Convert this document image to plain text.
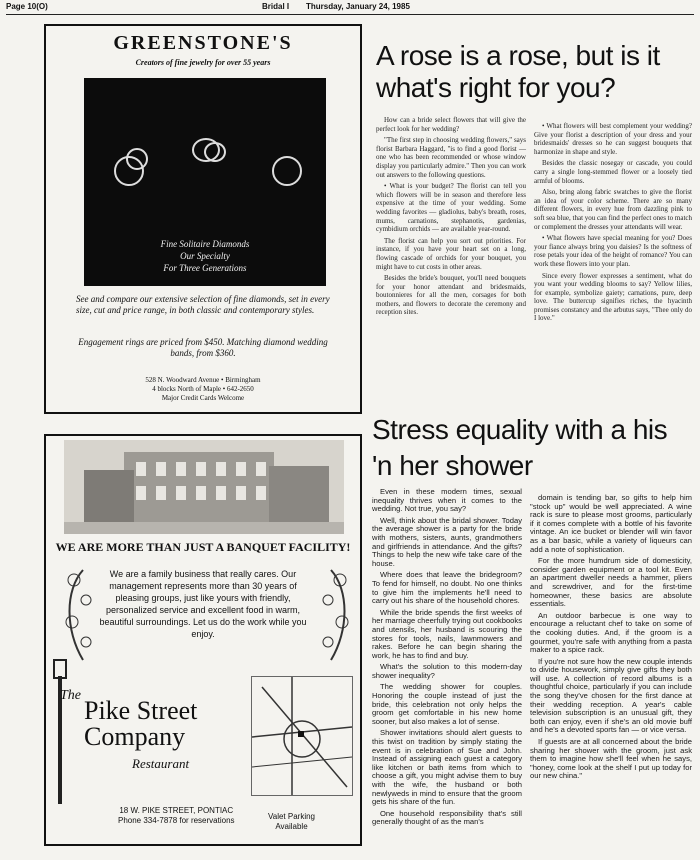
Page 10(O)	Bridal I Thursday, January 24, 1985
GREENSTONE'S
Creators of fine jewelry for over 55 years
Fine Solitaire Diamonds
Our Specialty
For Three Generations
See and compare our extensive selection of fine diamonds, set in every size, cut and price range, in both classic and contemporary styles.
Engagement rings are priced from $450. Matching diamond wedding bands, from $360.
528 N. Woodward Avenue • Birmingham
4 blocks North of Maple • 642-2650
Major Credit Cards Welcome
WE ARE MORE THAN JUST A BANQUET FACILITY!
We are a family business that really cares. Our management represents more than 30 years of pleasing groups, just like yours with friendly, personalized service and excellent food in warm, beautiful surroundings. Let us do the work while you enjoy.
The
Pike Street
Company
Restaurant
18 W. PIKE STREET, PONTIAC
Phone 334-7878 for reservations	Valet Parking
Available
A rose is a rose, but is it what's right for you?

How can a bride select flowers that will give the perfect look for her wedding?

"The first step in choosing wedding flowers," says florist Barbara Haggard, "is to find a good florist — one who has been recommended or whose window display you particularly admire." Then you can work out answers to the following questions.

• What is your budget? The florist can tell you which flowers will be in season and therefore less expensive at the time of your wedding. Some wedding favorites — gladiolus, baby's breath, roses, mums, carnations, stephanotis, gardenias, cymbidium orchids — are available year-round.

The florist can help you sort out priorities. For instance, if you have your heart set on a long, flowing cascade of orchids for your bouquet, you might have to cut costs in other areas.

Besides the bride's bouquet, you'll need bouquets for your honor attendant and bridesmaids, boutonnieres for all the men, corsages for both mothers, and flowers to decorate the ceremony and reception sites.

• What flowers will best complement your wedding? Give your florist a description of your dress and your bridesmaids' dresses so he can suggest bouquets that harmonize in shape and style.

Besides the classic nosegay or cascade, you could carry a single long-stemmed flower or a loosely tied armful of blooms.

Also, bring along fabric swatches to give the florist an idea of your color scheme. There are so many different flowers, in every hue from dazzling pink to soft sea blue, that you can find the perfect ones to match or complement the dresses your attendants will wear.

• What flowers have special meaning for you? Does your fiance always bring you daisies? Is the softness of rose petals your idea of the height of romance? You can work these flowers into your plan.

Since every flower expresses a sentiment, what do you want your wedding blooms to say? Yellow lilies, for example, symbolize gaiety; carnations, pure, deep love. The buttercup signifies riches, the hyacinth promises constancy and the arbutus says, "Thee only do I love."

Stress equality with a his 'n her shower

Even in these modern times, sexual inequality thrives when it comes to the wedding. Not true, you say?

Well, think about the bridal shower. Today the average shower is a party for the bride with mothers, sisters, aunts, grandmothers and girlfriends in attendance. And the gifts? Things to help the new wife take care of the house.

Where does that leave the bridegroom? To fend for himself, no doubt. No one thinks to give him the implements he'll need to carry out his share of the household chores.

While the bride spends the first weeks of her marriage cheerfully trying out cookbooks and utensils, her husband is scouring the stores for tools, nails, lawnmowers and rakes. Before he can begin sharing the work, he has to find and buy.

What's the solution to this modern-day shower inequality?

The wedding shower for couples. Honoring the couple instead of just the bride, this celebration not only helps the groom get comfortable in his new home sooner, but also makes a lot of sense.

Shower invitations should alert guests to this twist on tradition by simply stating the event is in celebration of Sue and John. Instead of assigning each guest a category like kitchen or bath items from which to choose a gift, you might advise them to buy with the wife, the husband or both newlyweds in mind to ensure that the groom gets his share of the fun.

One household responsibility that's still generally thought of as the man's

domain is tending bar, so gifts to help him "stock up" would be well appreciated. A wine rack is sure to please most grooms, particularly if it comes complete with a bottle of his favorite vintage. An ice bucket or blender will win favor as a bar basic, while a variety of liqueurs can add a note of sophistication.

For the more humdrum side of domesticity, consider garden equipment or a tool kit. Even an apartment dweller needs a hammer, pliers and screwdriver, and for the first-time homeowner, these basics are absolute essentials.

An outdoor barbecue is one way to encourage a reluctant chef to take on some of the cooking duties. And, if the groom is a gourmet, you're safe with anything from a pasta maker to a spice rack.

If you're not sure how the new couple intends to divide housework, simply give gifts they both will use. A collection of record albums is a thoughtful choice, particularly if you can include the song they've chosen for the first dance at their wedding reception. A year's cable television subscription is an unusual gift, they both can enjoy, even if she's an old movie buff and he's a devoted sports fan — or vice versa.

If guests are at all concerned about the bride sharing her shower with the groom, just ask them to imagine how she'll feel when he says, "honey, come look at the shelf I put up today for our new china."
